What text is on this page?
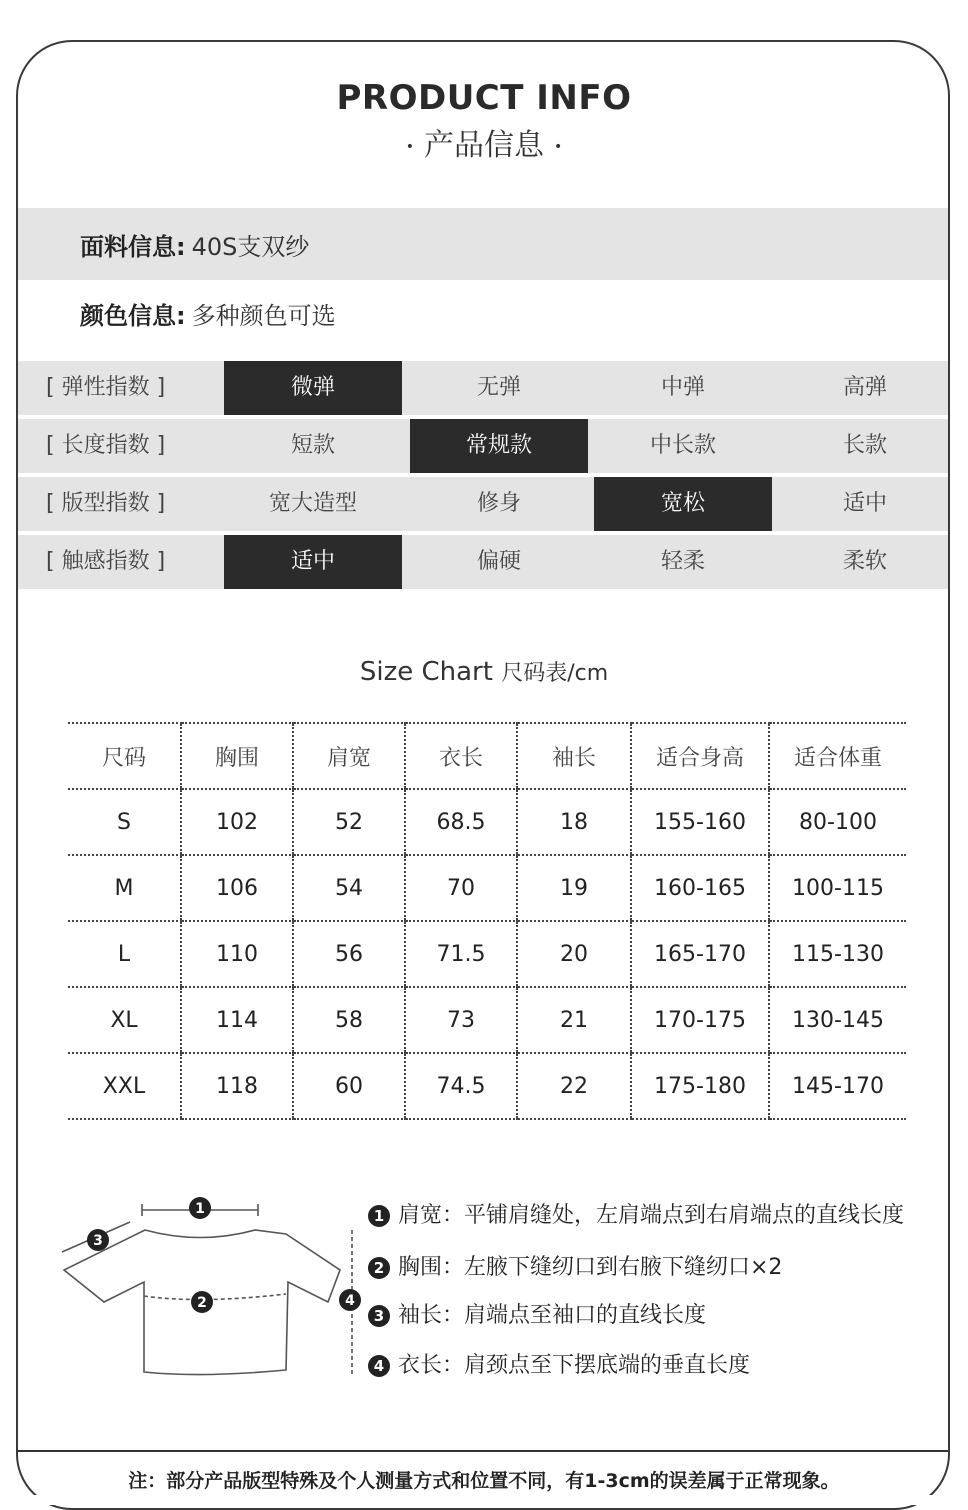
PRODUCT INFO
• 产品信息 •
面料信息: 40S支双纱
颜色信息: 多种颜色可选
[ 弹性指数 ]	微弹	无弹	中弹	高弹
[ 长度指数 ]	短款	常规款	中长款	长款
[ 版型指数 ]	宽大造型	修身	宽松	适中
[ 触感指数 ]	适中	偏硬	轻柔	柔软
Size Chart 尺码表/cm
尺码	胸围	肩宽	衣长	袖长	适合身高	适合体重
S	102	52	68.5	18	155-160	80-100
M	106	54	70	19	160-165	100-115
L	110	56	71.5	20	165-170	115-130
XL	114	58	73	21	170-175	130-145
XXL	118	60	74.5	22	175-180	145-170
1
2
3
4
1 肩宽：平铺肩缝处，左肩端点到右肩端点的直线长度
2 胸围：左腋下缝纫口到右腋下缝纫口×2
3 袖长：肩端点至袖口的直线长度
4 衣长：肩颈点至下摆底端的垂直长度
注：部分产品版型特殊及个人测量方式和位置不同，有1-3cm的误差属于正常现象。
